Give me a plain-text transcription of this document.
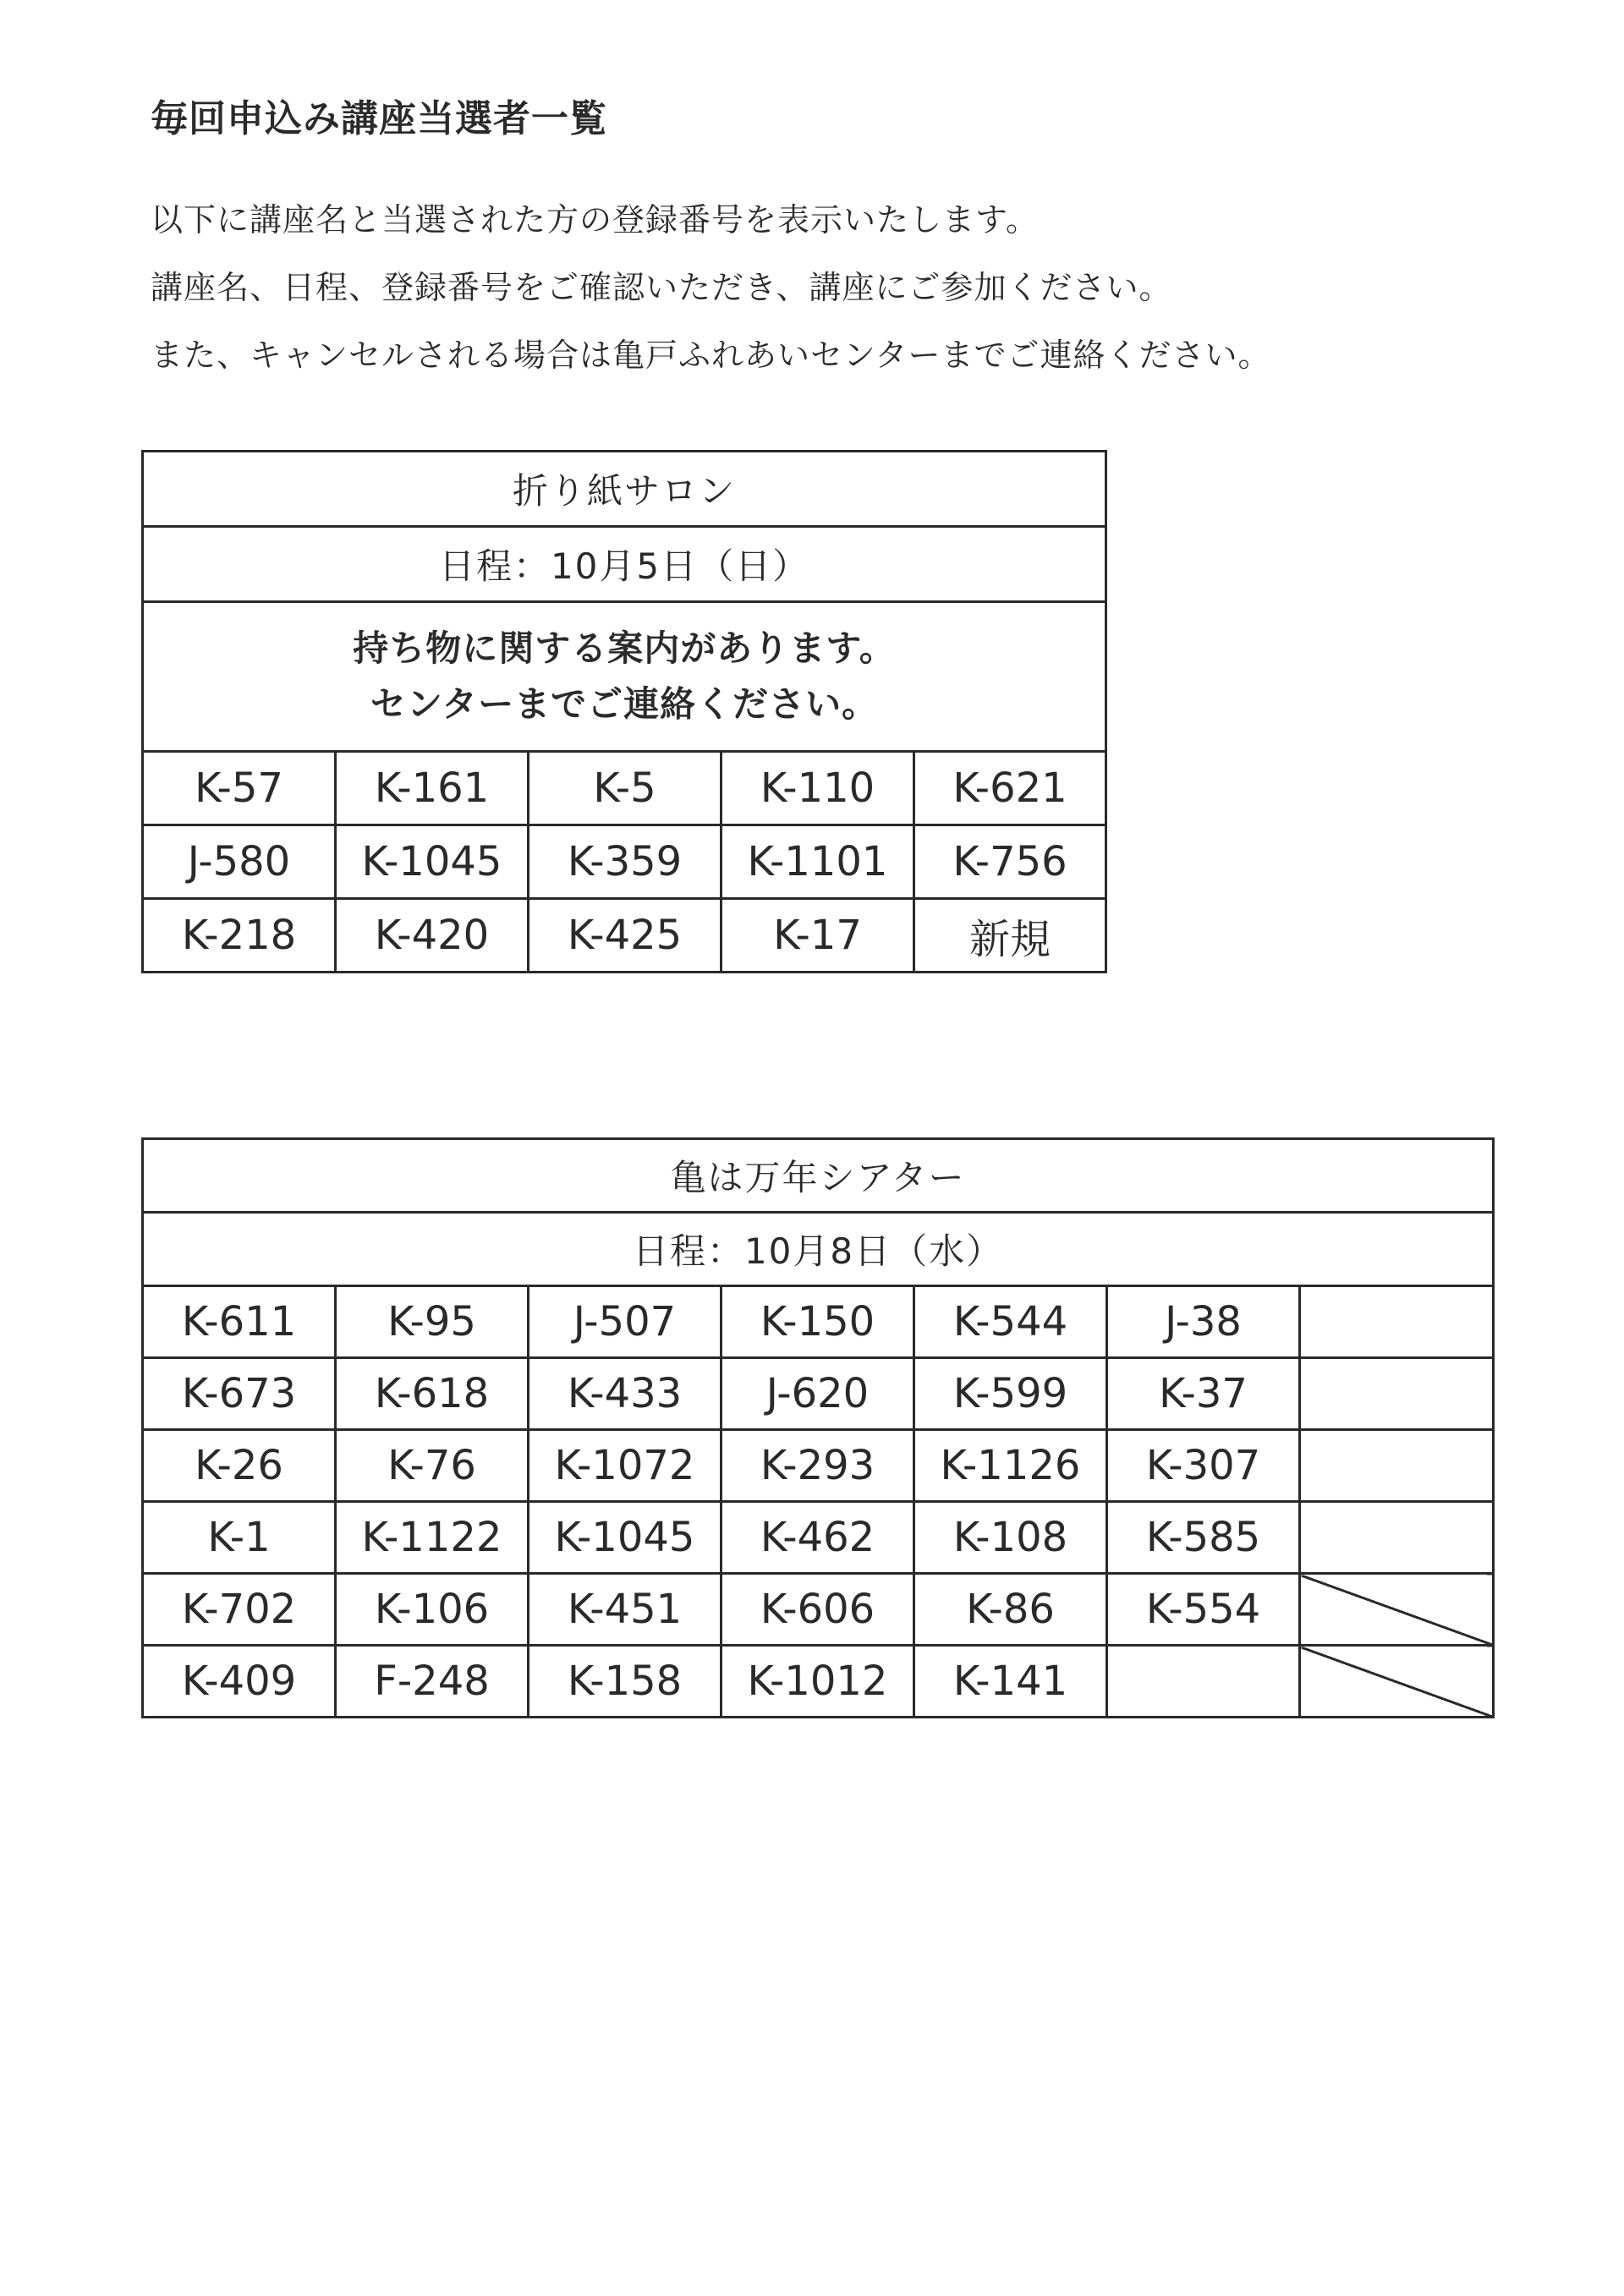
毎回申込み講座当選者一覧

以下に講座名と当選された方の登録番号を表示いたします。

講座名、日程、登録番号をご確認いただき、講座にご参加ください。

また、キャンセルされる場合は亀戸ふれあいセンターまでご連絡ください。

折り紙サロン				
日程：10月5日（日）				

持ち物に関する案内があります。
センターまでご連絡ください。				

K-57	K-161	K-5	K-110	K-621
J-580	K-1045	K-359	K-1101	K-756
K-218	K-420	K-425	K-17	新規
亀は万年シアター						
日程：10月8日（水）						
K-611	K-95	J-507	K-150	K-544	J-38	
K-673	K-618	K-433	J-620	K-599	K-37	
K-26	K-76	K-1072	K-293	K-1126	K-307	
K-1	K-1122	K-1045	K-462	K-108	K-585	
K-702	K-106	K-451	K-606	K-86	K-554	
K-409	F-248	K-158	K-1012	K-141		
